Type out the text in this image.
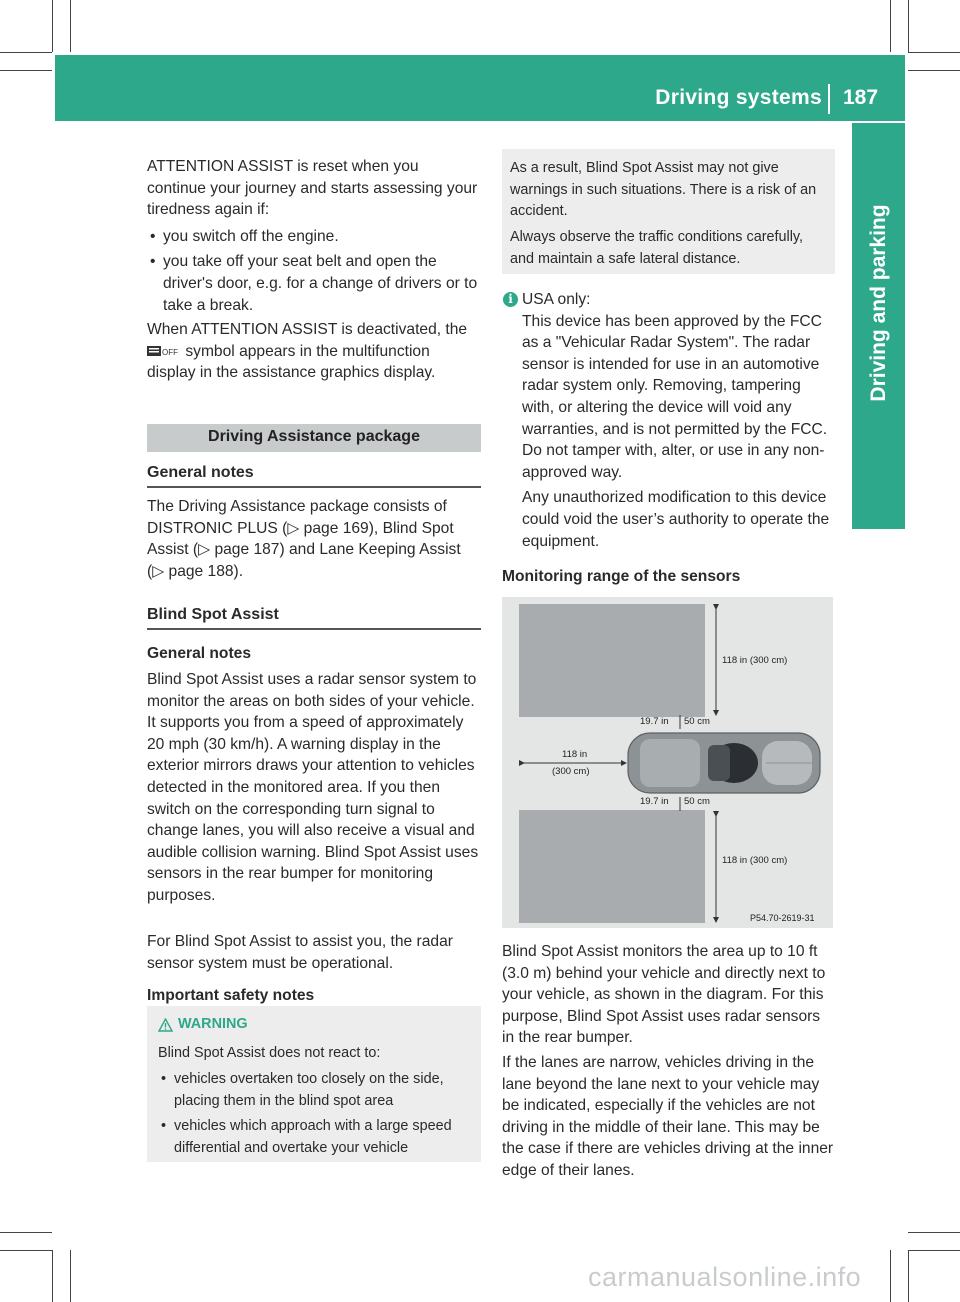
Driving systems 187
Driving and parking

ATTENTION ASSIST is reset when you continue your journey and starts assessing your tiredness again if:

• you switch off the engine.
• you take off your seat belt and open the driver's door, e.g. for a change of drivers or to take a break.

When ATTENTION ASSIST is deactivated, the
OFF symbol appears in the multifunction display in the assistance graphics display.

Driving Assistance package
General notes
The Driving Assistance package consists of DISTRONIC PLUS (▷ page 169), Blind Spot Assist (▷ page 187) and Lane Keeping Assist (▷ page 188).
Blind Spot Assist
General notes
Blind Spot Assist uses a radar sensor system to monitor the areas on both sides of your vehicle. It supports you from a speed of approximately 20 mph (30 km/h). A warning display in the exterior mirrors draws your attention to vehicles detected in the monitored area. If you then switch on the corresponding turn signal to change lanes, you will also receive a visual and audible collision warning. Blind Spot Assist uses sensors in the rear bumper for monitoring purposes.
For Blind Spot Assist to assist you, the radar sensor system must be operational.
Important safety notes
WARNING
Blind Spot Assist does not react to:
• vehicles overtaken too closely on the side, placing them in the blind spot area
• vehicles which approach with a large speed differential and overtake your vehicle
As a result, Blind Spot Assist may not give warnings in such situations. There is a risk of an accident.
Always observe the traffic conditions carefully, and maintain a safe lateral distance.
i USA only:

This device has been approved by the FCC as a "Vehicular Radar System". The radar sensor is intended for use in an automotive radar system only. Removing, tampering with, or altering the device will void any warranties, and is not permitted by the FCC. Do not tamper with, alter, or use in any non-approved way.

Any unauthorized modification to this device could void the user’s authority to operate the equipment.

Monitoring range of the sensors
118 in (300 cm)
19.7 in 50 cm
118 in
(300 cm)
19.7 in 50 cm
118 in (300 cm)
P54.70-2619-31
Blind Spot Assist monitors the area up to 10 ft (3.0 m) behind your vehicle and directly next to your vehicle, as shown in the diagram. For this purpose, Blind Spot Assist uses radar sensors in the rear bumper.
If the lanes are narrow, vehicles driving in the lane beyond the lane next to your vehicle may be indicated, especially if the vehicles are not driving in the middle of their lane. This may be the case if there are vehicles driving at the inner edge of their lanes.
carmanualsonline.info
